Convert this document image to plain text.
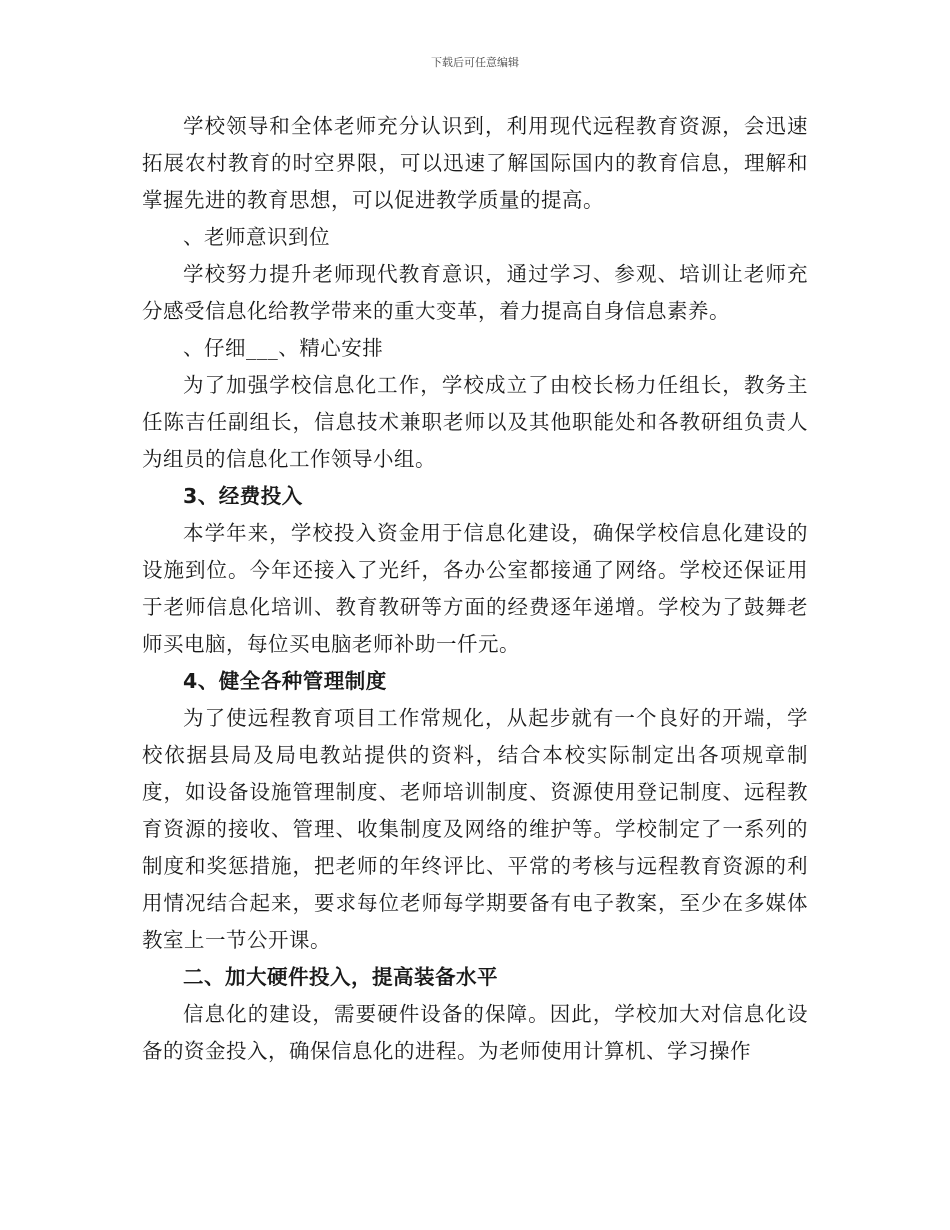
下载后可任意编辑

学校领导和全体老师充分认识到，利用现代远程教育资源，会迅速拓展农村教育的时空界限，可以迅速了解国际国内的教育信息，理解和掌握先进的教育思想，可以促进教学质量的提高。

、老师意识到位

学校努力提升老师现代教育意识，通过学习、参观、培训让老师充分感受信息化给教学带来的重大变革，着力提高自身信息素养。

、仔细___、精心安排

为了加强学校信息化工作，学校成立了由校长杨力任组长，教务主任陈吉任副组长，信息技术兼职老师以及其他职能处和各教研组负责人为组员的信息化工作领导小组。

3、经费投入

本学年来，学校投入资金用于信息化建设，确保学校信息化建设的设施到位。今年还接入了光纤，各办公室都接通了网络。学校还保证用于老师信息化培训、教育教研等方面的经费逐年递增。学校为了鼓舞老师买电脑，每位买电脑老师补助一仟元。

4、健全各种管理制度

为了使远程教育项目工作常规化，从起步就有一个良好的开端，学校依据县局及局电教站提供的资料，结合本校实际制定出各项规章制度，如设备设施管理制度、老师培训制度、资源使用登记制度、远程教育资源的接收、管理、收集制度及网络的维护等。学校制定了一系列的制度和奖惩措施，把老师的年终评比、平常的考核与远程教育资源的利用情况结合起来，要求每位老师每学期要备有电子教案，至少在多媒体教室上一节公开课。

二、加大硬件投入，提高装备水平

信息化的建设，需要硬件设备的保障。因此，学校加大对信息化设备的资金投入，确保信息化的进程。为老师使用计算机、学习操作
